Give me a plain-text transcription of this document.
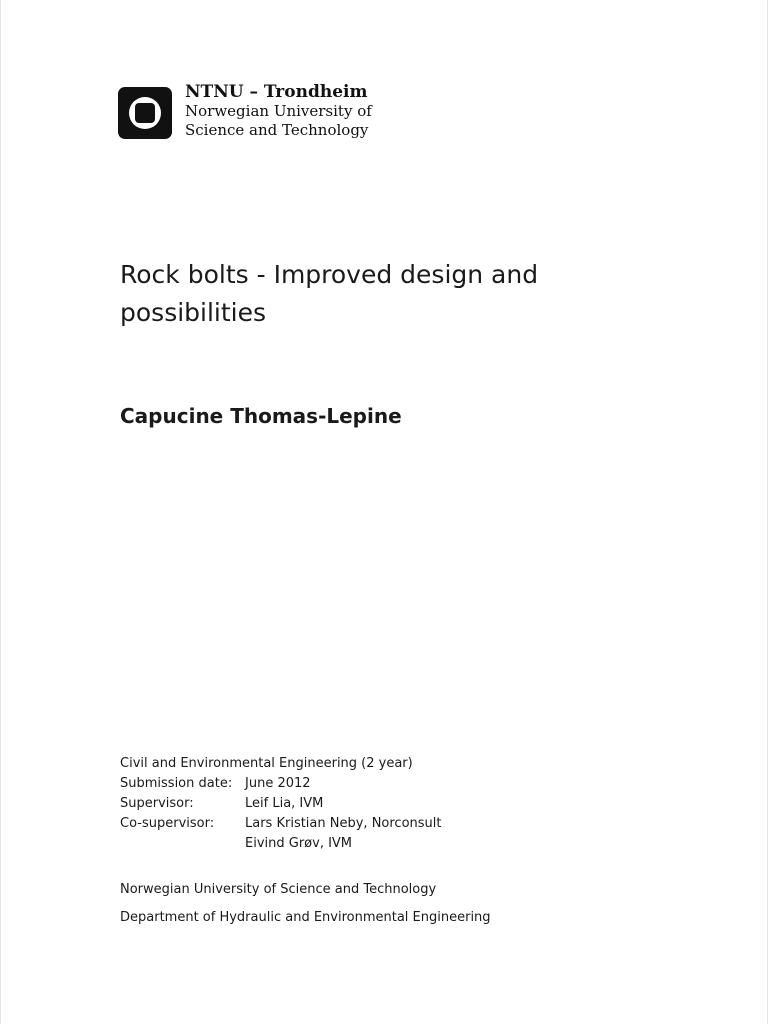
NTNU – Trondheim
Norwegian University of
Science and Technology
Rock bolts - Improved design and
possibilities
Capucine Thomas-Lepine
Civil and Environmental Engineering (2 year)
Submission date: June 2012
Supervisor:	Leif Lia, IVM
Co-supervisor:	Lars Kristian Neby, Norconsult
Eivind Grøv, IVM
Norwegian University of Science and Technology
Department of Hydraulic and Environmental Engineering
